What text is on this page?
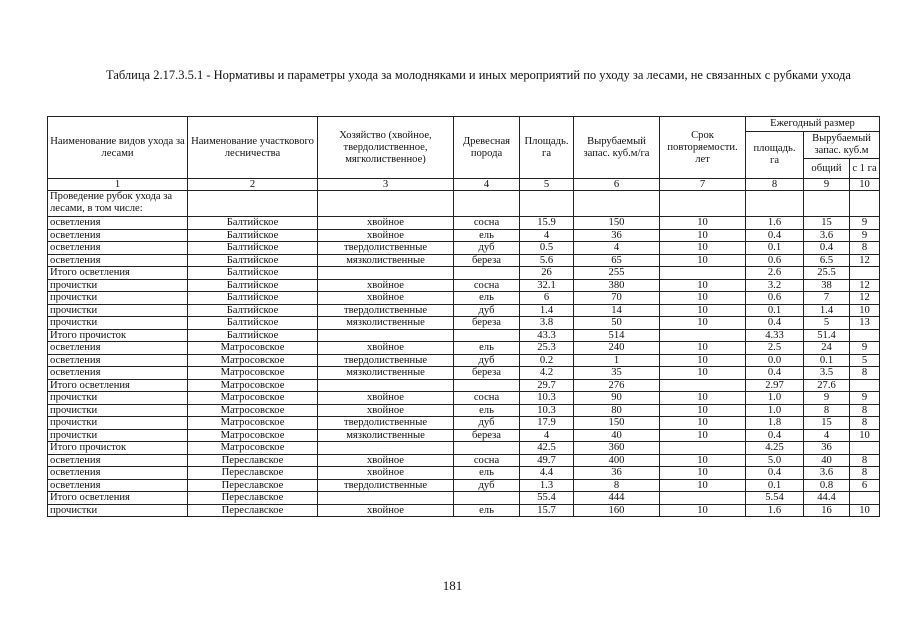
Таблица 2.17.3.5.1 - Нормативы и параметры ухода за молодняками и иных мероприятий по уходу за лесами, не связанных с рубками ухода
Наименование видов ухода за лесами	Наименование участкового лесничества	Хозяйство (хвойное, твердолиственное, мягколиственное)	Древесная порода	Площадь. га	Вырубаемый запас. куб.м/га	Срок повторяемости. лет	Ежегодный размер		
							площадь. га	Вырубаемый запас. куб.м	
								общий	с 1 га
1	2	3	4	5	6	7	8	9	10
Проведение рубок ухода за лесами, в том числе:									
осветления	Балтийское	хвойное	сосна	15.9	150	10	1.6	15	9
осветления	Балтийское	хвойное	ель	4	36	10	0.4	3.6	9
осветления	Балтийское	твердолиственные	дуб	0.5	4	10	0.1	0.4	8
осветления	Балтийское	мязколиственные	береза	5.6	65	10	0.6	6.5	12
Итого осветления	Балтийское			26	255		2.6	25.5	
прочистки	Балтийское	хвойное	сосна	32.1	380	10	3.2	38	12
прочистки	Балтийское	хвойное	ель	6	70	10	0.6	7	12
прочистки	Балтийское	твердолиственные	дуб	1.4	14	10	0.1	1.4	10
прочистки	Балтийское	мязколиственные	береза	3.8	50	10	0.4	5	13
Итого прочисток	Балтийское			43.3	514		4.33	51.4	
осветления	Матросовское	хвойное	ель	25.3	240	10	2.5	24	9
осветления	Матросовское	твердолиственные	дуб	0.2	1	10	0.0	0.1	5
осветления	Матросовское	мязколиственные	береза	4.2	35	10	0.4	3.5	8
Итого осветления	Матросовское			29.7	276		2.97	27.6	
прочистки	Матросовское	хвойное	сосна	10.3	90	10	1.0	9	9
прочистки	Матросовское	хвойное	ель	10.3	80	10	1.0	8	8
прочистки	Матросовское	твердолиственные	дуб	17.9	150	10	1.8	15	8
прочистки	Матросовское	мязколиственные	береза	4	40	10	0.4	4	10
Итого прочисток	Матросовское			42.5	360		4.25	36	
осветления	Переславское	хвойное	сосна	49.7	400	10	5.0	40	8
осветления	Переславское	хвойное	ель	4.4	36	10	0.4	3.6	8
осветления	Переславское	твердолиственные	дуб	1.3	8	10	0.1	0.8	6
Итого осветления	Переславское			55.4	444		5.54	44.4	
прочистки	Переславское	хвойное	ель	15.7	160	10	1.6	16	10
181
